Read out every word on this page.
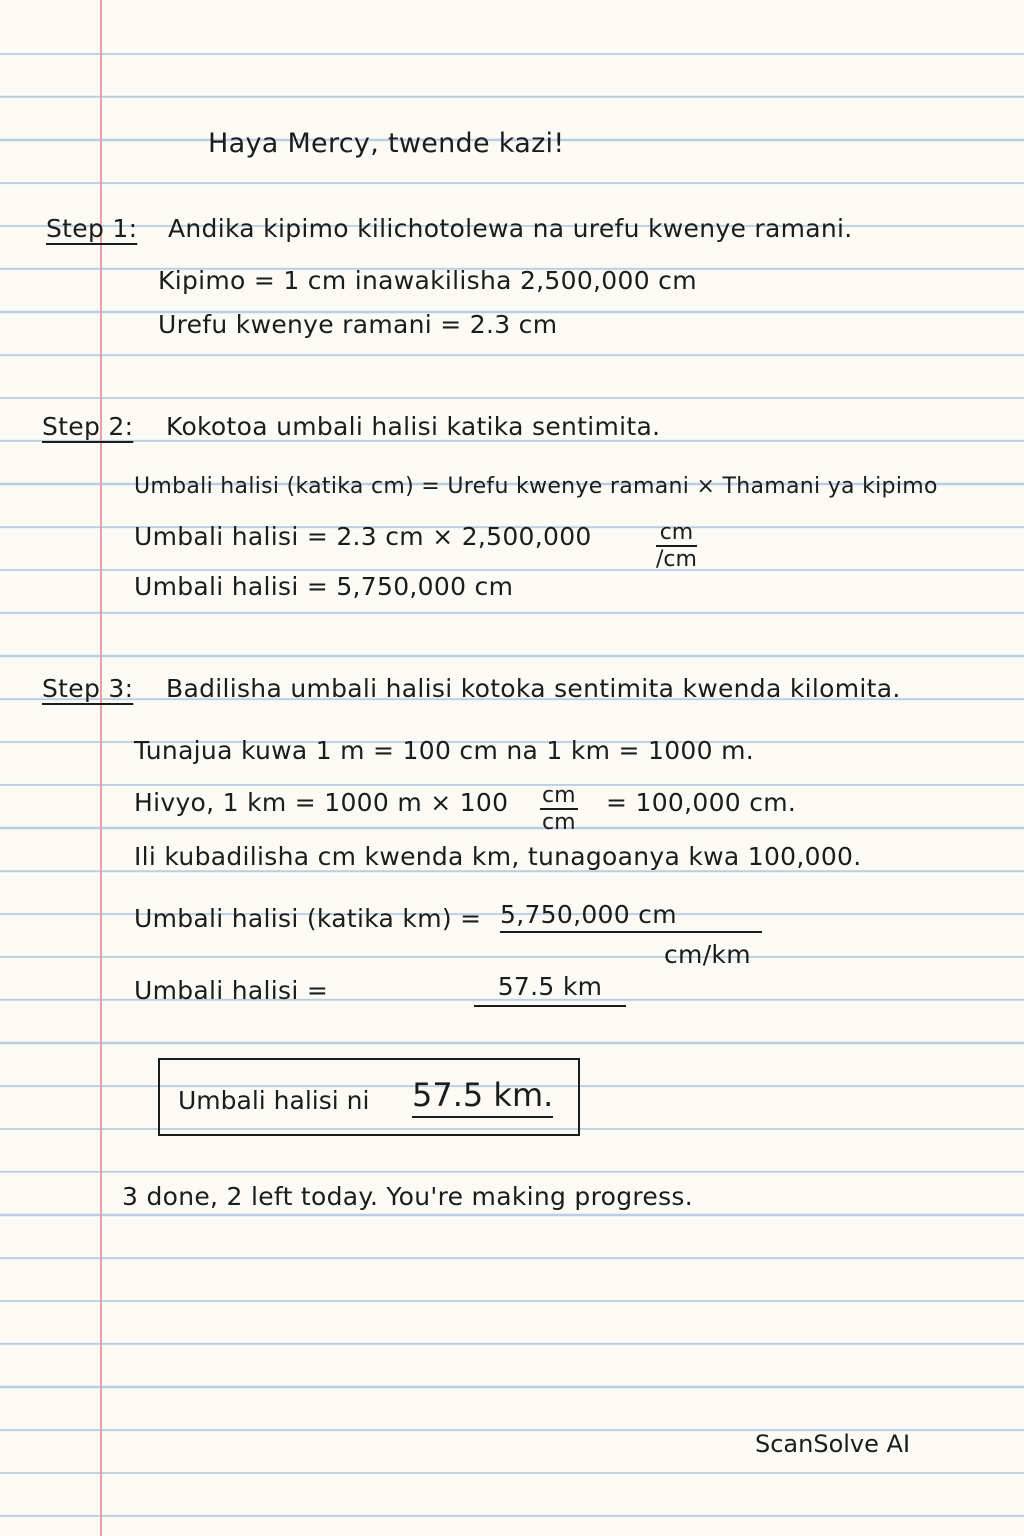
Haya Mercy, twende kazi!
Step 1: Andika kipimo kilichotolewa na urefu kwenye ramani.
Kipimo = 1 cm inawakilisha 2,500,000 cm
Urefu kwenye ramani = 2.3 cm
Step 2: Kokotoa umbali halisi katika sentimita.
Umbali halisi (katika cm) = Urefu kwenye ramani × Thamani ya kipimo
Umbali halisi = 2.3 cm × 2,500,000	$\frac{cm}{/cm}$
Umbali halisi = 5,750,000 cm
Step 3: Badilisha umbali halisi kotoka sentimita kwenda kilomita.
Tunajua kuwa 1 m = 100 cm na 1 km = 1000 m.
Hivyo, 1 km = 1000 $m \times 100 \frac{cm}{cm} = 100,000$ cm.
Ili kubadilisha cm kwenda km, tunagoanya kwa 100,000.
Umbali halisi (katika km) = 5,750,000 cm
cm/km
Umbali halisi =	57.5 km
Umbali halisi ni 57.5 km.
3 done, 2 left today. You're making progress.
ScanSolve AI
